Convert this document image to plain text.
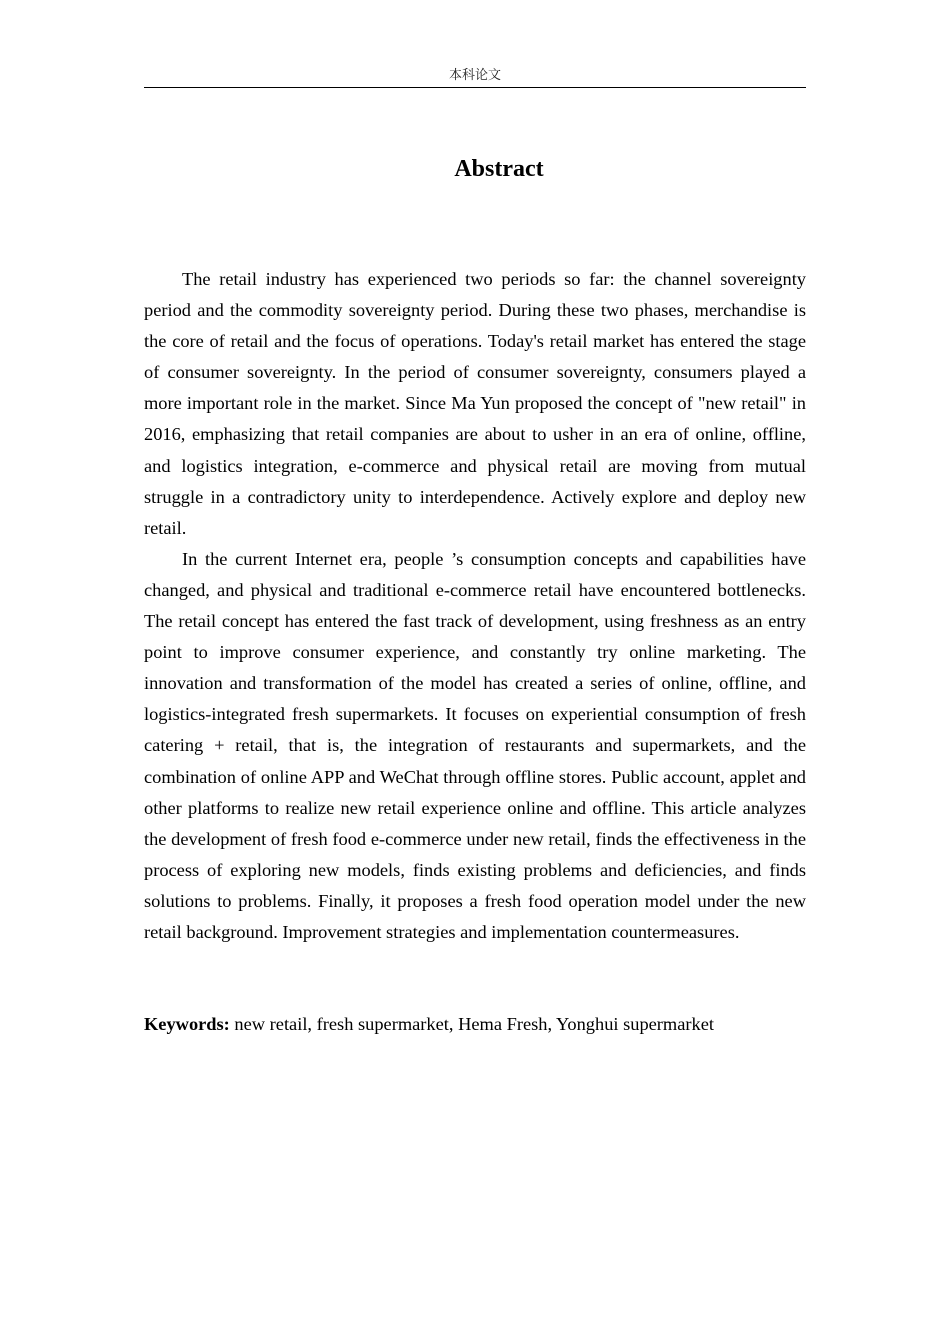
本科论文
Abstract

The retail industry has experienced two periods so far: the channel sovereignty period and the commodity sovereignty period. During these two phases, merchandise is the core of retail and the focus of operations. Today's retail market has entered the stage of consumer sovereignty. In the period of consumer sovereignty, consumers played a more important role in the market. Since Ma Yun proposed the concept of "new retail" in 2016, emphasizing that retail companies are about to usher in an era of online, offline, and logistics integration, e-commerce and physical retail are moving from mutual struggle in a contradictory unity to interdependence. Actively explore and deploy new retail.

In the current Internet era, people ’s consumption concepts and capabilities have changed, and physical and traditional e-commerce retail have encountered bottlenecks. The retail concept has entered the fast track of development, using freshness as an entry point to improve consumer experience, and constantly try online marketing. The innovation and transformation of the model has created a series of online, offline, and logistics-integrated fresh supermarkets. It focuses on experiential consumption of fresh catering + retail, that is, the integration of restaurants and supermarkets, and the combination of online APP and WeChat through offline stores. Public account, applet and other platforms to realize new retail experience online and offline. This article analyzes the development of fresh food e-commerce under new retail, finds the effectiveness in the process of exploring new models, finds existing problems and deficiencies, and finds solutions to problems. Finally, it proposes a fresh food operation model under the new retail background. Improvement strategies and implementation countermeasures.

Keywords: new retail, fresh supermarket, Hema Fresh, Yonghui supermarket
